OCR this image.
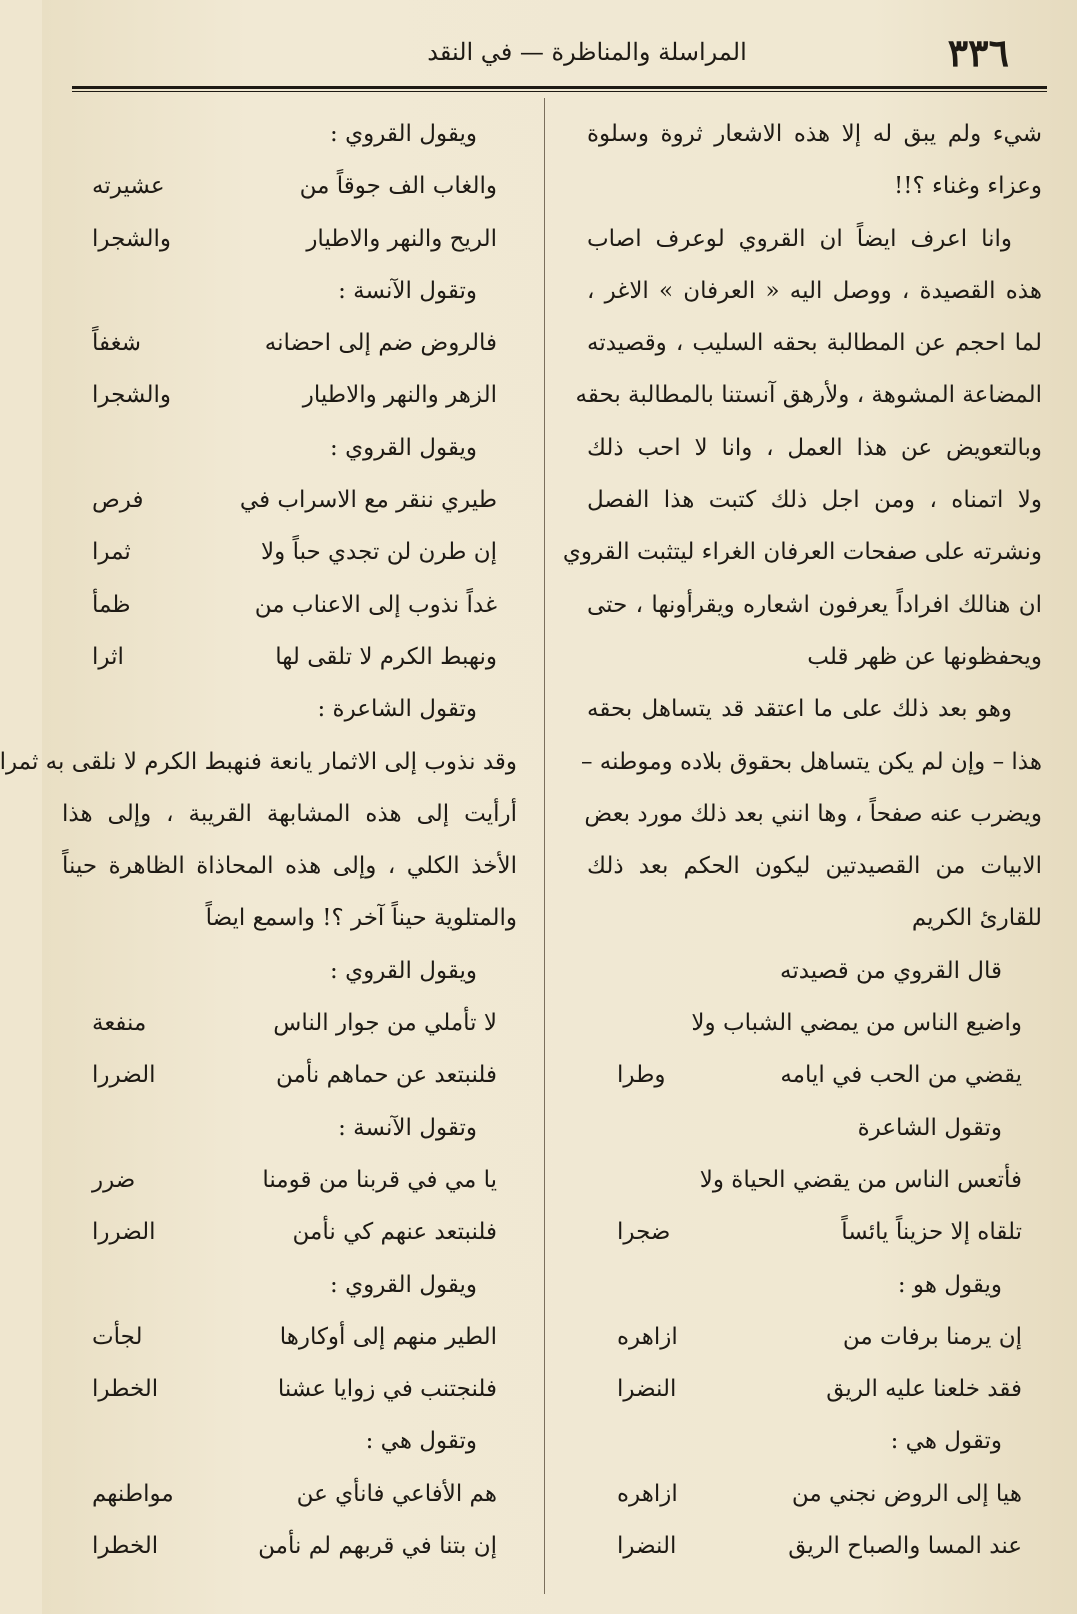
٣٣٦
المراسلة والمناظرة — في النقد
شيء ولم يبق له إلا هذه الاشعار ثروة وسلوة
وعزاء وغناء ؟!!
وانا اعرف ايضاً ان القروي لوعرف اصاب
هذه القصيدة ، ووصل اليه « العرفان » الاغر ،
لما احجم عن المطالبة بحقه السليب ، وقصيدته
المضاعة المشوهة ، ولأرهق آنستنا بالمطالبة بحقه
وبالتعويض عن هذا العمل ، وانا لا احب ذلك
ولا اتمناه ، ومن اجل ذلك كتبت هذا الفصل
ونشرته على صفحات العرفان الغراء ليتثبت القروي
ان هنالك افراداً يعرفون اشعاره ويقرأونها ، حتى
ويحفظونها عن ظهر قلب
وهو بعد ذلك على ما اعتقد قد يتساهل بحقه
هذا – وإن لم يكن يتساهل بحقوق بلاده وموطنه –
ويضرب عنه صفحاً ، وها انني بعد ذلك مورد بعض
الابيات من القصيدتين ليكون الحكم بعد ذلك
للقارئ الكريم
قال القروي من قصيدته
واضيع الناس من يمضي الشباب ولا
يقضي من الحب في ايامه
وطرا
وتقول الشاعرة
فأتعس الناس من يقضي الحياة ولا
تلقاه إلا حزيناً يائساً
ضجرا
ويقول هو :
إن يرمنا برفات من
ازاهره
فقد خلعنا عليه الريق
النضرا
وتقول هي :
هيا إلى الروض نجني من
ازاهره
عند المسا والصباح الريق
النضرا
ويقول القروي :
والغاب الف جوقاً من
عشيرته
الريح والنهر والاطيار
والشجرا
وتقول الآنسة :
فالروض ضم إلى احضانه
شغفاً
الزهر والنهر والاطيار
والشجرا
ويقول القروي :
طيري ننقر مع الاسراب في
فرص
إن طرن لن تجدي حباً ولا
ثمرا
غداً نذوب إلى الاعناب من
ظمأ
ونهبط الكرم لا تلقى لها
اثرا
وتقول الشاعرة :
وقد نذوب إلى الاثمار يانعة فنهبط الكرم لا نلقى به ثمرا
أرأيت إلى هذه المشابهة القريبة ، وإلى هذا
الأخذ الكلي ، وإلى هذه المحاذاة الظاهرة حيناً
والمتلوية حيناً آخر ؟! واسمع ايضاً
ويقول القروي :
لا تأملي من جوار الناس
منفعة
فلنبتعد عن حماهم نأمن
الضررا
وتقول الآنسة :
يا مي في قربنا من قومنا
ضرر
فلنبتعد عنهم كي نأمن
الضررا
ويقول القروي :
الطير منهم إلى أوكارها
لجأت
فلنجتنب في زوايا عشنا
الخطرا
وتقول هي :
هم الأفاعي فانأي عن
مواطنهم
إن بتنا في قربهم لم نأمن
الخطرا
